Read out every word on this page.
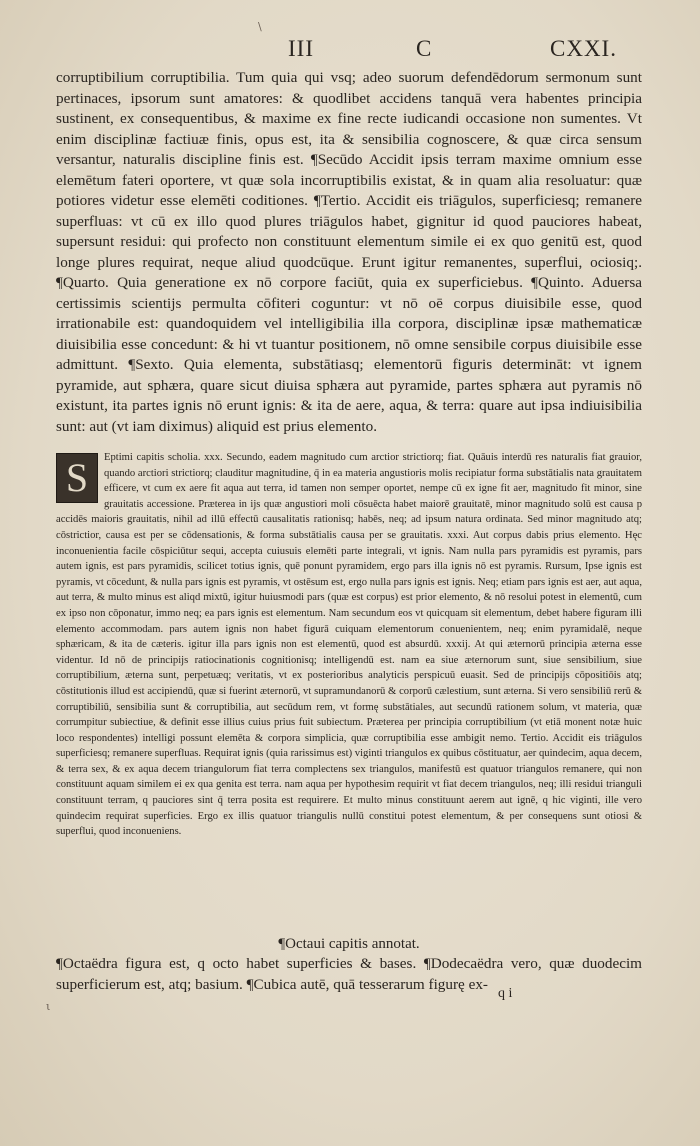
\
III	C	CXXI.

corruptibilium corruptibilia. Tum quia qui vsq; adeo suorum defendēdorum sermonum sunt pertinaces, ipsorum sunt amatores: & quodlibet accidens tanquā vera habentes principia sustinent, ex consequentibus, & maxime ex fine recte iudicandi occasione non sumentes. Vt enim disciplinæ factiuæ finis, opus est, ita & sensibilia cognoscere, & quæ circa sensum versantur, naturalis discipline finis est. ¶Secūdo Accidit ipsis terram maxime omnium esse elemētum fateri oportere, vt quæ sola incorruptibilis existat, & in quam alia resoluatur: quæ potiores videtur esse elemēti coditiones. ¶Tertio. Accidit eis triāgulos, superficiesq; remanere superfluas: vt cū ex illo quod plures triāgulos habet, gignitur id quod pauciores habeat, supersunt residui: qui profecto non constituunt elementum simile ei ex quo genitū est, quod longe plures requirat, neque aliud quodcūque. Erunt igitur remanentes, superflui, ociosiq;. ¶Quarto. Quia generatione ex nō corpore faciūt, quia ex superficiebus. ¶Quinto. Aduersa certissimis scientijs permulta cōfiteri coguntur: vt nō oē corpus diuisibile esse, quod irrationabile est: quandoquidem vel intelligibilia illa corpora, disciplinæ ipsæ mathematicæ diuisibilia esse concedunt: & hi vt tuantur positionem, nō omne sensibile corpus diuisibile esse admittunt. ¶Sexto. Quia elementa, substātiasq; elementorū figuris determināt: vt ignem pyramide, aut sphæra, quare sicut diuisa sphæra aut pyramide, partes sphæra aut pyramis nō existunt, ita partes ignis nō erunt ignis: & ita de aere, aqua, & terra: quare aut ipsa indiuisibilia sunt: aut (vt iam diximus) aliquid est prius elemento.

S	Eptimi capitis scholia. xxx. Secundo, eadem magnitudo cum arctior strictiorq; fiat. Quāuis interdū res naturalis fiat grauior, quando arctiori strictiorq; clauditur magnitudine, q̄ in ea materia angustioris molis recipiatur forma substātialis nata grauitatem efficere, vt cum ex aere fit aqua aut terra, id tamen non semper oportet, nempe cū ex igne fit aer, magnitudo fit minor, sine grauitatis accessione. Præterea in ijs quæ angustiori moli cōsuēcta habet maiorē grauitatē, minor magnitudo solū est causa p accidēs maioris grauitatis, nihil ad illū effectū causalitatis rationisq; habēs, neq; ad ipsum natura ordinata. Sed minor magnitudo atq; cōstrictior, causa est per se cōdensationis, & forma substātialis causa per se grauitatis. xxxi. Aut corpus dabis prius elemento. Hęc inconuenientia facile cōspiciūtur sequi, accepta cuiusuis elemēti parte integrali, vt ignis. Nam nulla pars pyramidis est pyramis, pars autem ignis, est pars pyramidis, scilicet totius ignis, quē ponunt pyramidem, ergo pars illa ignis nō est pyramis. Rursum, Ipse ignis est pyramis, vt cōcedunt, & nulla pars ignis est pyramis, vt ostēsum est, ergo nulla pars ignis est ignis. Neq; etiam pars ignis est aer, aut aqua, aut terra, & multo minus est aliqd mixtū, igitur huiusmodi pars (quæ est corpus) est prior elemento, & nō resolui potest in elementū, cum ex ipso non cōponatur, immo neq; ea pars ignis est elementum. Nam secundum eos vt quicquam sit elementum, debet habere figuram illi elemento accommodam. pars autem ignis non habet figurā cuiquam elementorum conuenientem, neq; enim pyramidalē, neque sphæricam, & ita de cæteris. igitur illa pars ignis non est elementū, quod est absurdū. xxxij. At qui æternorū principia æterna esse videntur. Id nō de principijs ratiocinationis cognitionisq; intelligendū est. nam ea siue æternorum sunt, siue sensibilium, siue corruptibilium, æterna sunt, perpetuæq; veritatis, vt ex posterioribus analyticis perspicuū euasit. Sed de principijs cōpositiōis atq; cōstitutionis illud est accipiendū, quæ si fuerint æternorū, vt supramundanorū & corporū cælestium, sunt æterna. Si vero sensibiliū rerū & corruptibiliū, sensibilia sunt & corruptibilia, aut secūdum rem, vt formę substātiales, aut secundū rationem solum, vt materia, quæ corrumpitur subiectiue, & definit esse illius cuius prius fuit subiectum. Præterea per principia corruptibilium (vt etiā monent notæ huic loco respondentes) intelligi possunt elemēta & corpora simplicia, quæ corruptibilia esse ambigit nemo. Tertio. Accidit eis triāgulos superficiesq; remanere superfluas. Requirat ignis (quia rarissimus est) viginti triangulos ex quibus cōstituatur, aer quindecim, aqua decem, & terra sex, & ex aqua decem triangulorum fiat terra complectens sex triangulos, manifestū est quatuor triangulos remanere, qui non constituunt aquam similem ei ex qua genita est terra. nam aqua per hypothesim requirit vt fiat decem triangulos, neq; illi residui trianguli constituunt terram, q pauciores sint q̄ terra posita est requirere. Et multo minus constituunt aerem aut ignē, q hic viginti, ille vero quindecim requirat superficies. Ergo ex illis quatuor triangulis nullū constitui potest elementum, & per consequens sunt otiosi & superflui, quod inconueniens.

¶Octaui capitis annotat.

¶Octaëdra figura est, q octo habet superficies & bases. ¶Dodecaëdra vero, quæ duodecim superficierum est, atq; basium. ¶Cubica autē, quā tesserarum figurę ex-

q i
ι
